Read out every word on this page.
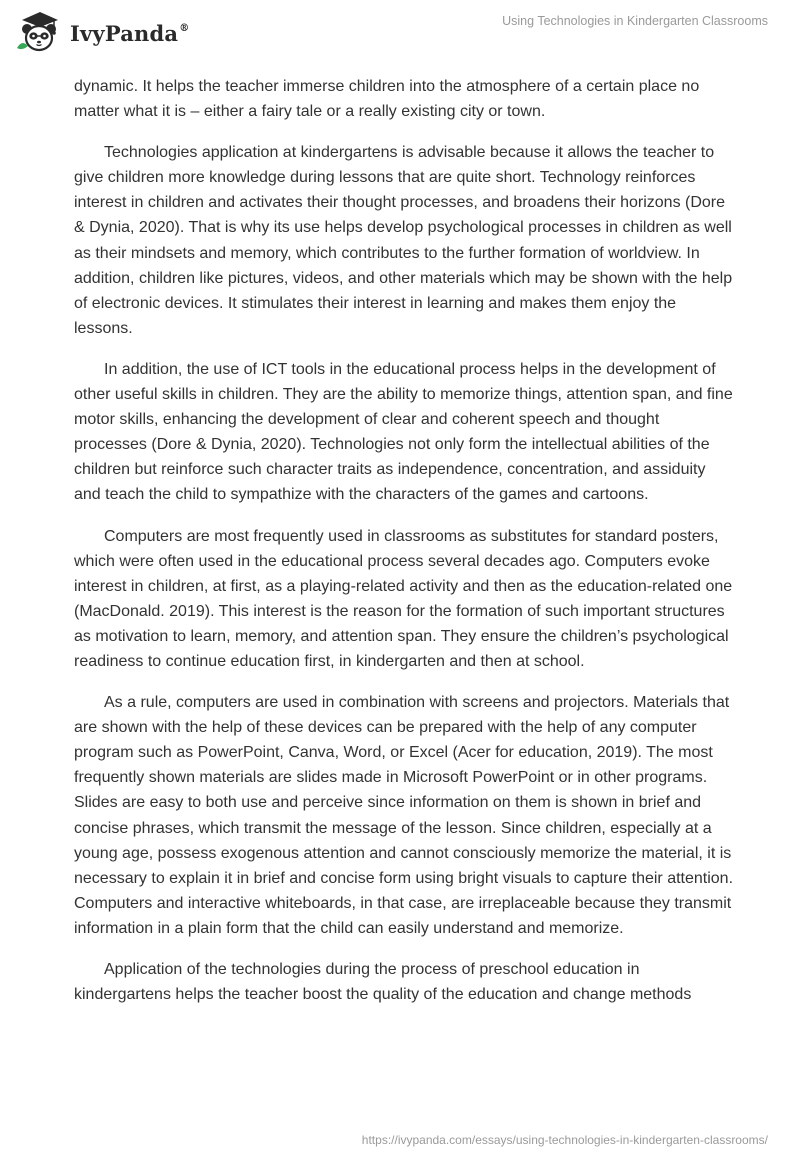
IvyPanda®	Using Technologies in Kindergarten Classrooms

dynamic. It helps the teacher immerse children into the atmosphere of a certain place no matter what it is – either a fairy tale or a really existing city or town.

Technologies application at kindergartens is advisable because it allows the teacher to give children more knowledge during lessons that are quite short. Technology reinforces interest in children and activates their thought processes, and broadens their horizons (Dore & Dynia, 2020). That is why its use helps develop psychological processes in children as well as their mindsets and memory, which contributes to the further formation of worldview. In addition, children like pictures, videos, and other materials which may be shown with the help of electronic devices. It stimulates their interest in learning and makes them enjoy the lessons.

In addition, the use of ICT tools in the educational process helps in the development of other useful skills in children. They are the ability to memorize things, attention span, and fine motor skills, enhancing the development of clear and coherent speech and thought processes (Dore & Dynia, 2020). Technologies not only form the intellectual abilities of the children but reinforce such character traits as independence, concentration, and assiduity and teach the child to sympathize with the characters of the games and cartoons.

Computers are most frequently used in classrooms as substitutes for standard posters, which were often used in the educational process several decades ago. Computers evoke interest in children, at first, as a playing-related activity and then as the education-related one (MacDonald. 2019). This interest is the reason for the formation of such important structures as motivation to learn, memory, and attention span. They ensure the children’s psychological readiness to continue education first, in kindergarten and then at school.

As a rule, computers are used in combination with screens and projectors. Materials that are shown with the help of these devices can be prepared with the help of any computer program such as PowerPoint, Canva, Word, or Excel (Acer for education, 2019). The most frequently shown materials are slides made in Microsoft PowerPoint or in other programs. Slides are easy to both use and perceive since information on them is shown in brief and concise phrases, which transmit the message of the lesson. Since children, especially at a young age, possess exogenous attention and cannot consciously memorize the material, it is necessary to explain it in brief and concise form using bright visuals to capture their attention. Computers and interactive whiteboards, in that case, are irreplaceable because they transmit information in a plain form that the child can easily understand and memorize.

Application of the technologies during the process of preschool education in kindergartens helps the teacher boost the quality of the education and change methods

https://ivypanda.com/essays/using-technologies-in-kindergarten-classrooms/
